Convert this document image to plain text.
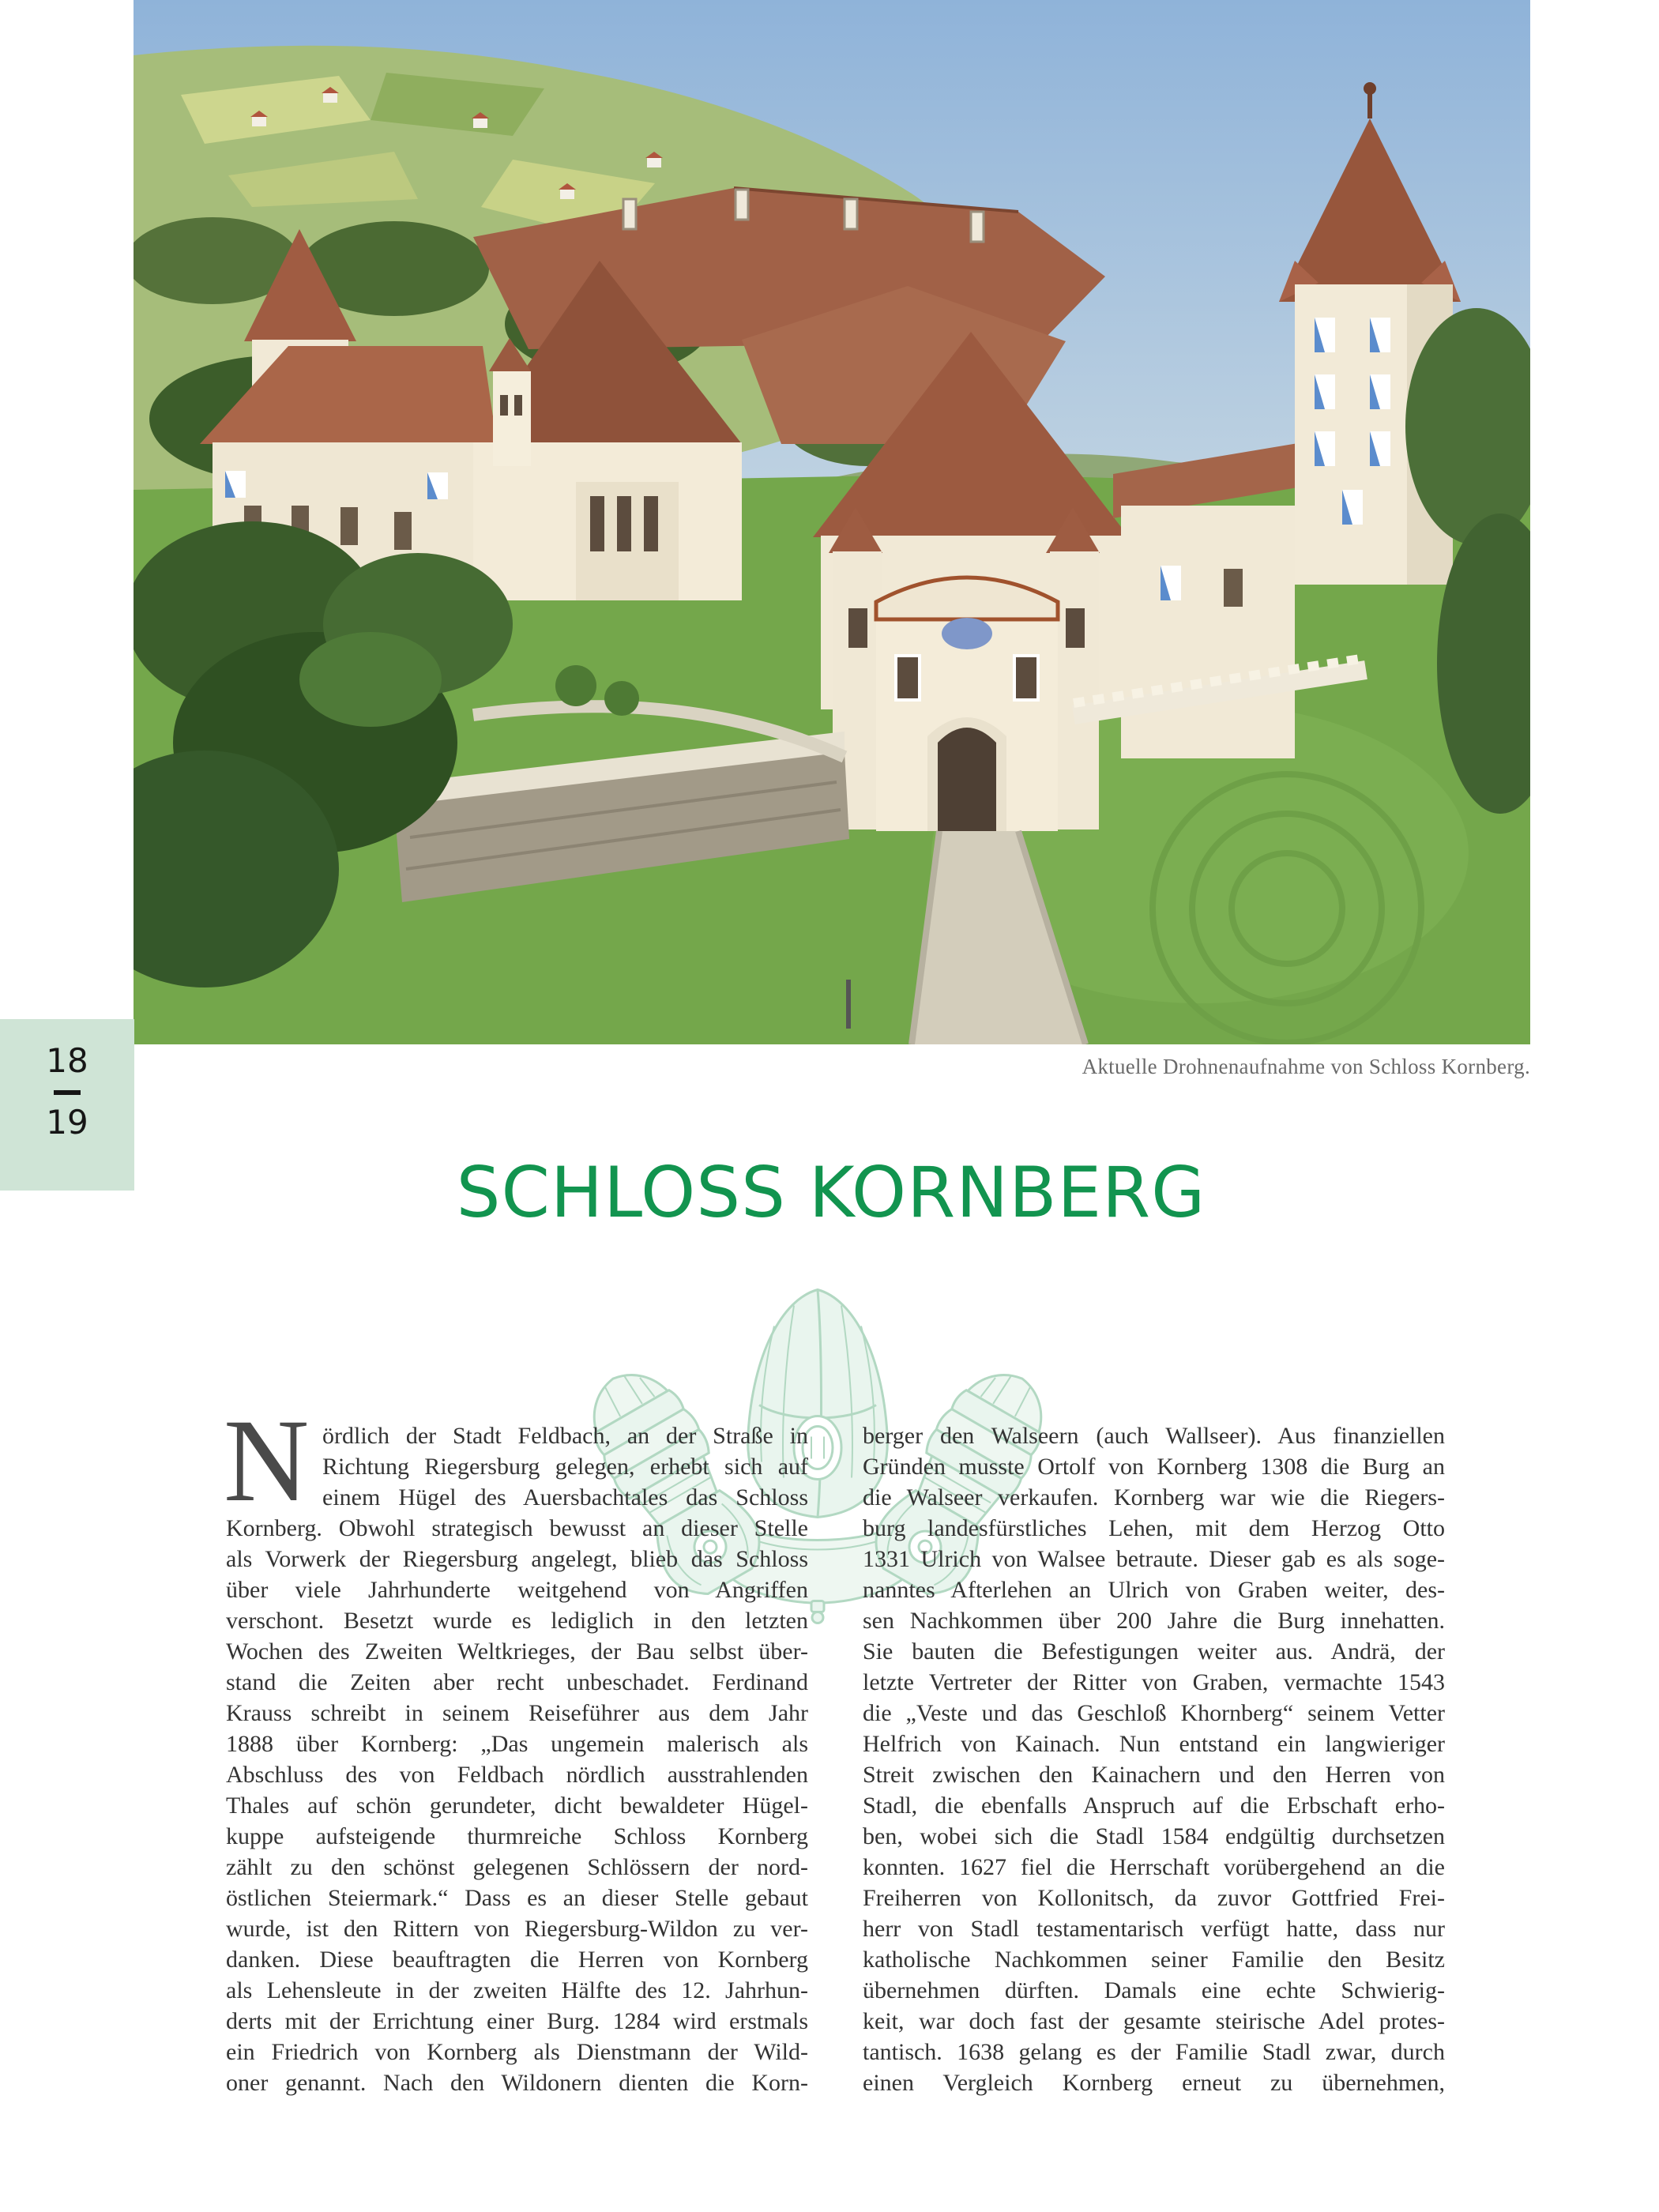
Aktuelle Drohnenaufnahme von Schloss Kornberg.
18
19
SCHLOSS KORNBERG
N ördlich der Stadt Feldbach, an der Straße in
Richtung Riegersburg gelegen, erhebt sich auf
einem Hügel des Auersbachtales das Schloss
Kornberg. Obwohl strategisch bewusst an dieser Stelle
als Vorwerk der Riegersburg angelegt, blieb das Schloss
über viele Jahrhunderte weitgehend von Angriffen
verschont. Besetzt wurde es lediglich in den letzten
Wochen des Zweiten Weltkrieges, der Bau selbst über-
stand die Zeiten aber recht unbeschadet. Ferdinand
Krauss schreibt in seinem Reiseführer aus dem Jahr
1888 über Kornberg: „Das ungemein malerisch als
Abschluss des von Feldbach nördlich ausstrahlenden
Thales auf schön gerundeter, dicht bewaldeter Hügel-
kuppe aufsteigende thurmreiche Schloss Kornberg
zählt zu den schönst gelegenen Schlössern der nord-
östlichen Steiermark.“ Dass es an dieser Stelle gebaut
wurde, ist den Rittern von Riegersburg-Wildon zu ver-
danken. Diese beauftragten die Herren von Kornberg
als Lehensleute in der zweiten Hälfte des 12. Jahrhun-
derts mit der Errichtung einer Burg. 1284 wird erstmals
ein Friedrich von Kornberg als Dienstmann der Wild-
oner genannt. Nach den Wildonern dienten die Korn-
berger den Walseern (auch Wallseer). Aus finanziellen
Gründen musste Ortolf von Kornberg 1308 die Burg an
die Walseer verkaufen. Kornberg war wie die Riegers-
burg landesfürstliches Lehen, mit dem Herzog Otto
1331 Ulrich von Walsee betraute. Dieser gab es als soge-
nanntes Afterlehen an Ulrich von Graben weiter, des-
sen Nachkommen über 200 Jahre die Burg innehatten.
Sie bauten die Befestigungen weiter aus. Andrä, der
letzte Vertreter der Ritter von Graben, vermachte 1543
die „Veste und das Geschloß Khornberg“ seinem Vetter
Helfrich von Kainach. Nun entstand ein langwieriger
Streit zwischen den Kainachern und den Herren von
Stadl, die ebenfalls Anspruch auf die Erbschaft erho-
ben, wobei sich die Stadl 1584 endgültig durchsetzen
konnten. 1627 fiel die Herrschaft vorübergehend an die
Freiherren von Kollonitsch, da zuvor Gottfried Frei-
herr von Stadl testamentarisch verfügt hatte, dass nur
katholische Nachkommen seiner Familie den Besitz
übernehmen dürften. Damals eine echte Schwierig-
keit, war doch fast der gesamte steirische Adel protes-
tantisch. 1638 gelang es der Familie Stadl zwar, durch
einen Vergleich Kornberg erneut zu übernehmen,
